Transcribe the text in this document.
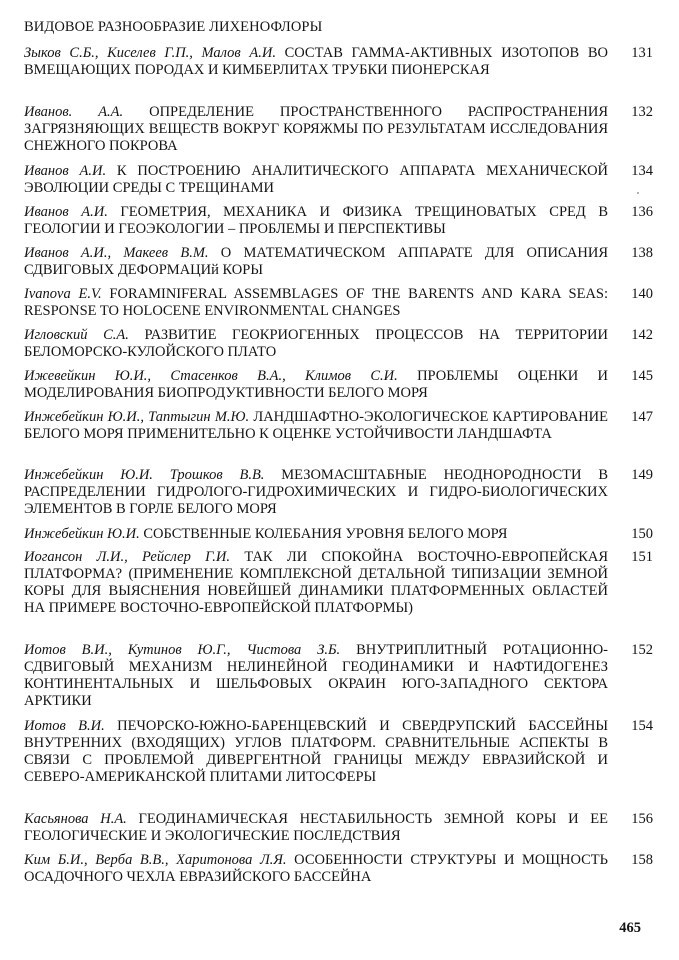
ВИДОВОЕ РАЗНООБРАЗИЕ ЛИХЕНОФЛОРЫ
Зыков С.Б., Киселев Г.П., Малов А.И. СОСТАВ ГАММА-АКТИВНЫХ ИЗОТОПОВ ВО ВМЕЩАЮЩИХ ПОРОДАХ И КИМБЕРЛИТАХ ТРУБКИ ПИОНЕРСКАЯ
131
Иванов. А.А. ОПРЕДЕЛЕНИЕ ПРОСТРАНСТВЕННОГО РАСПРОСТРАНЕНИЯ ЗАГРЯЗНЯЮЩИХ ВЕЩЕСТВ ВОКРУГ КОРЯЖМЫ ПО РЕЗУЛЬТАТАМ ИССЛЕДОВАНИЯ СНЕЖНОГО ПОКРОВА
132
Иванов А.И. К ПОСТРОЕНИЮ АНАЛИТИЧЕСКОГО АППАРАТА МЕХАНИЧЕСКОЙ ЭВОЛЮЦИИ СРЕДЫ С ТРЕЩИНАМИ
134
Иванов А.И. ГЕОМЕТРИЯ, МЕХАНИКА И ФИЗИКА ТРЕЩИНОВАТЫХ СРЕД В ГЕОЛОГИИ И ГЕОЭКОЛОГИИ – ПРОБЛЕМЫ И ПЕРСПЕКТИВЫ
136
Иванов А.И., Макеев В.М. О МАТЕМАТИЧЕСКОМ АППАРАТЕ ДЛЯ ОПИСАНИЯ СДВИГОВЫХ ДЕФОРМАЦИй КОРЫ
138
Ivanova E.V. FORAMINIFERAL ASSEMBLAGES OF THE BARENTS AND KARA SEAS: RESPONSE TO HOLOCENE ENVIRONMENTAL CHANGES
140
Игловский С.А. РАЗВИТИЕ ГЕОКРИОГЕННЫХ ПРОЦЕССОВ НА ТЕРРИТОРИИ БЕЛОМОРСКО-КУЛОЙСКОГО ПЛАТО
142
Ижевейкин Ю.И., Стасенков В.А., Климов С.И. ПРОБЛЕМЫ ОЦЕНКИ И МОДЕЛИРОВАНИЯ БИОПРОДУКТИВНОСТИ БЕЛОГО МОРЯ
145
Инжебейкин Ю.И., Таптыгин М.Ю. ЛАНДШАФТНО-ЭКОЛОГИЧЕСКОЕ КАРТИРОВАНИЕ БЕЛОГО МОРЯ ПРИМЕНИТЕЛЬНО К ОЦЕНКЕ УСТОЙЧИВОСТИ ЛАНДШАФТА
147
Инжебейкин Ю.И. Трошков В.В. МЕЗОМАСШТАБНЫЕ НЕОДНОРОДНОСТИ В РАСПРЕДЕЛЕНИИ ГИДРОЛОГО-ГИДРОХИМИЧЕСКИХ И ГИДРО-БИОЛОГИЧЕСКИХ ЭЛЕМЕНТОВ В ГОРЛЕ БЕЛОГО МОРЯ
149
Инжебейкин Ю.И. СОБСТВЕННЫЕ КОЛЕБАНИЯ УРОВНЯ БЕЛОГО МОРЯ	150
Иогансон Л.И., Рейслер Г.И. ТАК ЛИ СПОКОЙНА ВОСТОЧНО-ЕВРОПЕЙСКАЯ ПЛАТФОРМА? (ПРИМЕНЕНИЕ КОМПЛЕКСНОЙ ДЕТАЛЬНОЙ ТИПИЗАЦИИ ЗЕМНОЙ КОРЫ ДЛЯ ВЫЯСНЕНИЯ НОВЕЙШЕЙ ДИНАМИКИ ПЛАТФОРМЕННЫХ ОБЛАСТЕЙ НА ПРИМЕРЕ ВОСТОЧНО-ЕВРОПЕЙСКОЙ ПЛАТФОРМЫ)
151
Иотов В.И., Кутинов Ю.Г., Чистова З.Б. ВНУТРИПЛИТНЫЙ РОТАЦИОННО-СДВИГОВЫЙ МЕХАНИЗМ НЕЛИНЕЙНОЙ ГЕОДИНАМИКИ И НАФТИДОГЕНЕЗ КОНТИНЕНТАЛЬНЫХ И ШЕЛЬФОВЫХ ОКРАИН ЮГО-ЗАПАДНОГО СЕКТОРА АРКТИКИ
152
Иотов В.И. ПЕЧОРСКО-ЮЖНО-БАРЕНЦЕВСКИЙ И СВЕРДРУПСКИЙ БАССЕЙНЫ ВНУТРЕННИХ (ВХОДЯЩИХ) УГЛОВ ПЛАТФОРМ. СРАВНИТЕЛЬНЫЕ АСПЕКТЫ В СВЯЗИ С ПРОБЛЕМОЙ ДИВЕРГЕНТНОЙ ГРАНИЦЫ МЕЖДУ ЕВРАЗИЙСКОЙ И СЕВЕРО-АМЕРИКАНСКОЙ ПЛИТАМИ ЛИТОСФЕРЫ
154
Касьянова Н.А. ГЕОДИНАМИЧЕСКАЯ НЕСТАБИЛЬНОСТЬ ЗЕМНОЙ КОРЫ И ЕЕ ГЕОЛОГИЧЕСКИЕ И ЭКОЛОГИЧЕСКИЕ ПОСЛЕДСТВИЯ
156
Ким Б.И., Верба В.В., Харитонова Л.Я. ОСОБЕННОСТИ СТРУКТУРЫ И МОЩНОСТЬ ОСАДОЧНОГО ЧЕХЛА ЕВРАЗИЙСКОГО БАССЕЙНА
158
465
